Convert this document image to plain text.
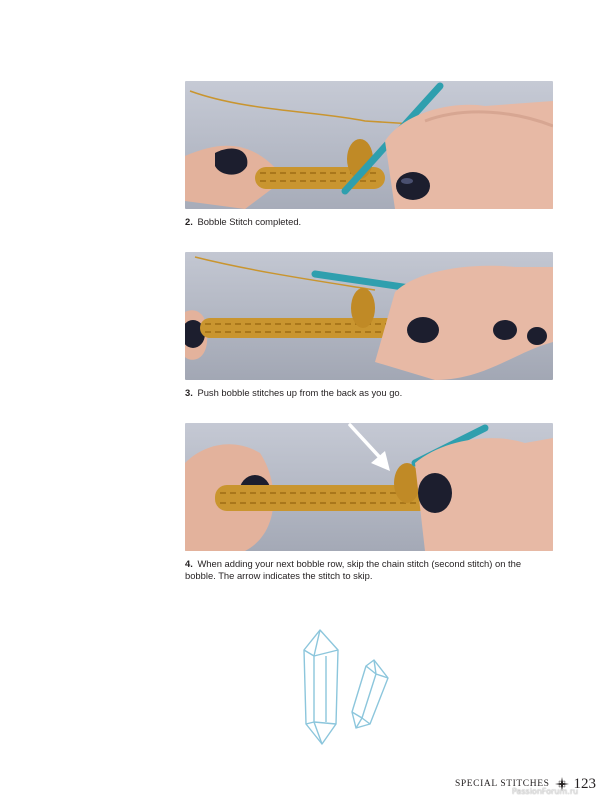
2. Bobble Stitch completed.
3. Push bobble stitches up from the back as you go.
4. When adding your next bobble row, skip the chain stitch (second stitch) on the bobble. The arrow indicates the stitch to skip.
SPECIAL STITCHES 123
PassionForum.ru
